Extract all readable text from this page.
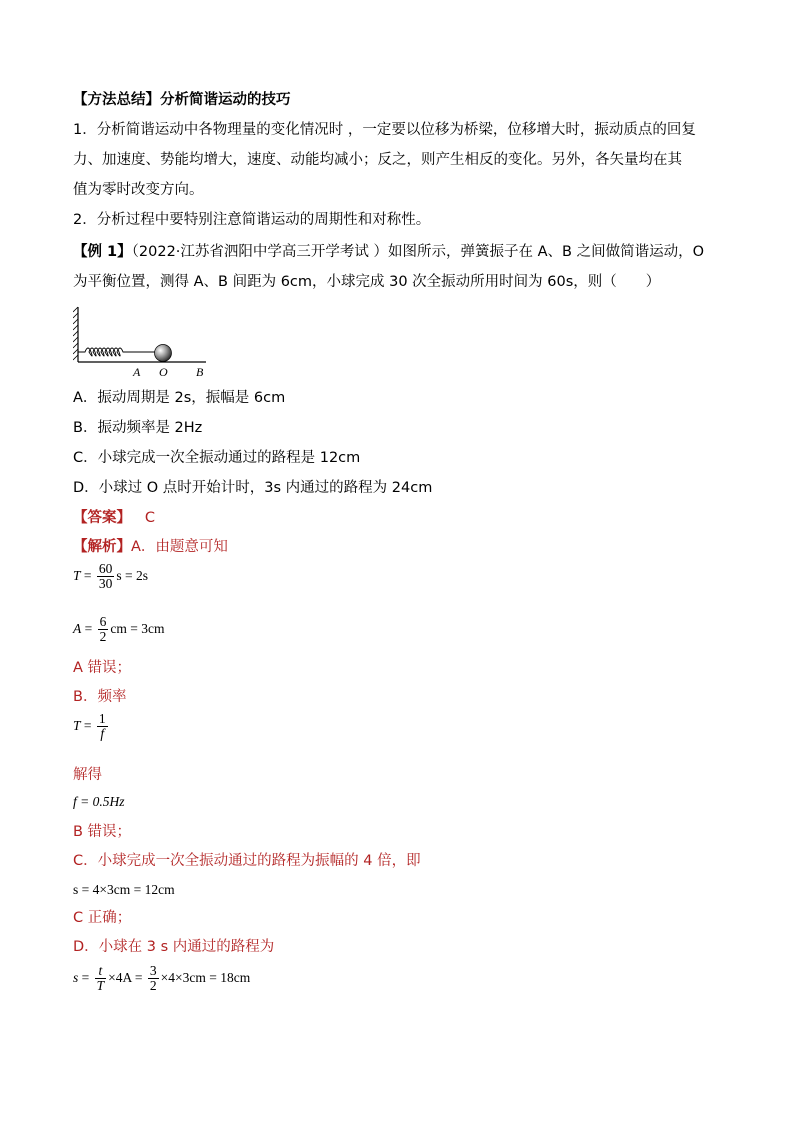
【方法总结】分析简谐运动的技巧
1．分析简谐运动中各物理量的变化情况时 ，一定要以位移为桥梁，位移增大时，振动质点的回复
力、加速度、势能均增大，速度、动能均减小；反之，则产生相反的变化。另外，各矢量均在其
值为零时改变方向。
2．分析过程中要特别注意简谐运动的周期性和对称性。
【例 1】（2022·江苏省泗阳中学高三开学考试 ）如图所示，弹簧振子在 A、B 之间做简谐运动，O
为平衡位置，测得 A、B 间距为 6cm，小球完成 30 次全振动所用时间为 60s，则（　　）
A O B
A．振动周期是 2s，振幅是 6cm
B．振动频率是 2Hz
C．小球完成一次全振动通过的路程是 12cm
D．小球过 O 点时开始计时，3s 内通过的路程为 24cm
【答案】 C
【解析】A．由题意可知
$T = \frac{60}{30}$ s = 2s
$A = \frac{6}{2}$ cm = 3cm
A 错误；
B．频率
$T = \frac{1}{f}$
解得
f = 0.5Hz
B 错误；
C．小球完成一次全振动通过的路程为振幅的 4 倍，即
s = 4×3cm = 12cm
C 正确；
D．小球在 3 s 内通过的路程为
$s = \frac{t}{T} \times 4A = \frac{3}{2} \times 4\times 3cm = 18cm$
